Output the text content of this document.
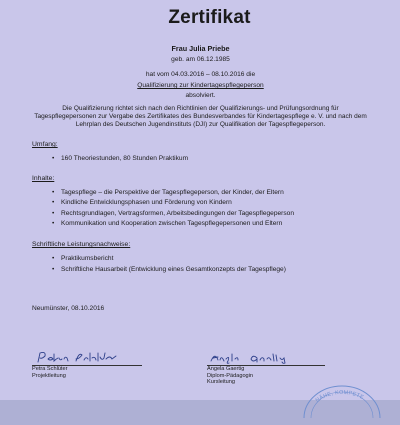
Zertifikat
Frau Julia Priebe
geb. am 06.12.1985
hat vom 04.03.2016 – 08.10.2016 die
Qualifizierung zur Kindertagespflegeperson
absolviert.
Die Qualifizierung richtet sich nach den Richtlinien der Qualifizierungs- und Prüfungsordnung für Tagespflegepersonen zur Vergabe des Zertifikates des Bundesverbandes für Kindertagespflege e. V. und nach dem Lehrplan des Deutschen Jugendinstituts (DJI) zur Qualifikation der Tagespflegeperson.
Umfang:
• 160 Theoriestunden, 80 Stunden Praktikum
Inhalte:
• Tagespflege – die Perspektive der Tagespflegeperson, der Kinder, der Eltern
• Kindliche Entwicklungsphasen und Förderung von Kindern
• Rechtsgrundlagen, Vertragsformen, Arbeitsbedingungen der Tagespflegeperson
• Kommunikation und Kooperation zwischen Tagespflegepersonen und Eltern
Schriftliche Leistungsnachweise:
• Praktikumsbericht
• Schriftliche Hausarbeit (Entwicklung eines Gesamtkonzepts der Tagespflege)
Neumünster, 08.10.2016
Petra Schlüter
Projektleitung
Angela Gaertig
Diplom-Pädagogin
Kursleitung
NÄHE, KOMPETE
